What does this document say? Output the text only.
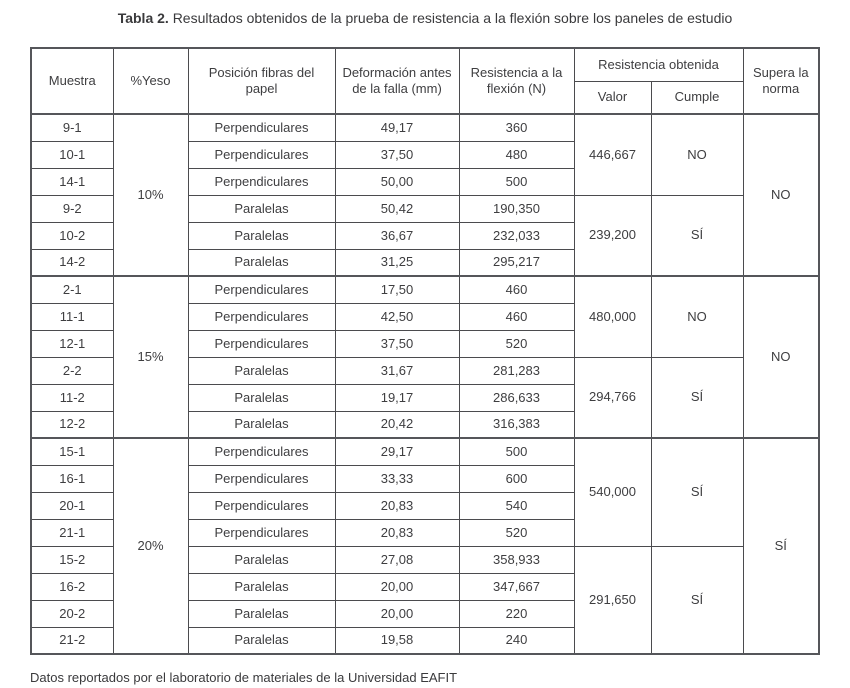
Tabla 2. Resultados obtenidos de la prueba de resistencia a la flexión sobre los paneles de estudio
Muestra	%Yeso	Posición fibras del papel	Deformación antes de la falla (mm)	Resistencia a la flexión (N)	Resistencia obtenida		Supera la norma
					Valor	Cumple	
9-1	10%	Perpendiculares	49,17	360	446,667	NO	NO
10-1		Perpendiculares	37,50	480			
14-1		Perpendiculares	50,00	500			
9-2		Paralelas	50,42	190,350	239,200	SÍ	
10-2		Paralelas	36,67	232,033			
14-2		Paralelas	31,25	295,217			
2-1	15%	Perpendiculares	17,50	460	480,000	NO	NO
11-1		Perpendiculares	42,50	460			
12-1		Perpendiculares	37,50	520			
2-2		Paralelas	31,67	281,283	294,766	SÍ	
11-2		Paralelas	19,17	286,633			
12-2		Paralelas	20,42	316,383			
15-1	20%	Perpendiculares	29,17	500	540,000	SÍ	SÍ
16-1		Perpendiculares	33,33	600			
20-1		Perpendiculares	20,83	540			
21-1		Perpendiculares	20,83	520			
15-2		Paralelas	27,08	358,933	291,650	SÍ	
16-2		Paralelas	20,00	347,667			
20-2		Paralelas	20,00	220			
21-2		Paralelas	19,58	240			
Datos reportados por el laboratorio de materiales de la Universidad EAFIT
